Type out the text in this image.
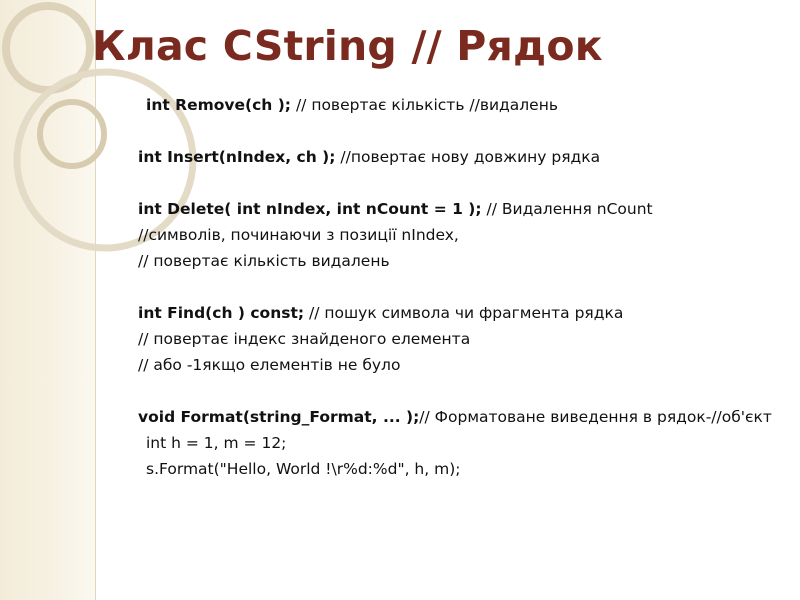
Клас CString // Рядок
int Remove(ch ); // повертає кількість //видалень
int Insert(nIndex, ch ); //повертає нову довжину рядка
int Delete( int nIndex, int nCount = 1 ); // Видалення nCount
//символів, починаючи з позиції nIndex,
// повертає кількість видалень
int Find(ch ) const; // пошук символа чи фрагмента рядка
// повертає індекс знайденого елемента
// або -1якщо елементів не було
void Format(string_Format, ... );// Форматоване виведення в рядок-//об'єкт
int h = 1, m = 12;
s.Format("Hello, World !\r%d:%d", h, m);
